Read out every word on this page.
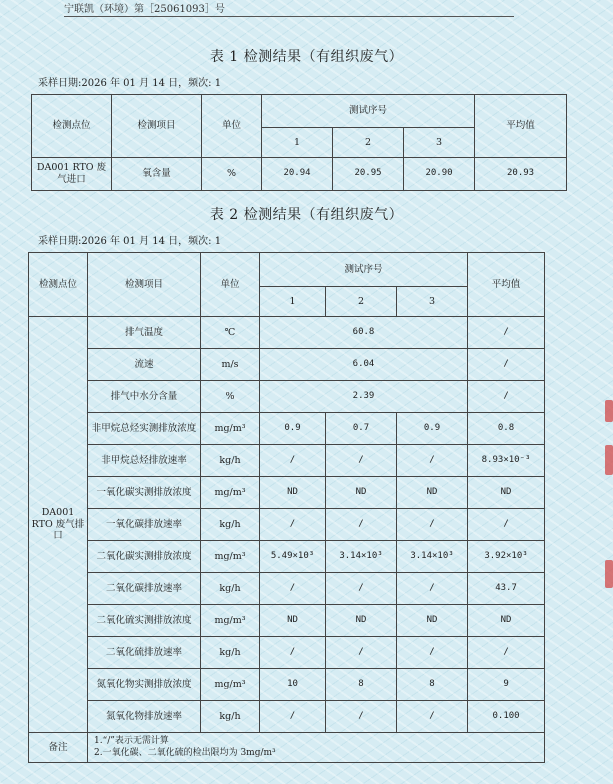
宁联凯（环境）第［25061093］号
表 1 检测结果（有组织废气）
采样日期:2026 年 01 月 14 日，频次: 1
检测点位	检测项目	单位	测试序号			平均值
			1	2	3	
DA001 RTO 废气进口	氧含量	%	20.94	20.95	20.90	20.93
表 2 检测结果（有组织废气）
采样日期:2026 年 01 月 14 日，频次: 1
检测点位	检测项目	单位	测试序号			平均值
			1	2	3	
DA001 RTO 废气排口	排气温度	℃	60.8			/
	流速	m/s	6.04			/
	排气中水分含量	%	2.39			/
	非甲烷总烃实测排放浓度	mg/m³	0.9	0.7	0.9	0.8
	非甲烷总烃排放速率	kg/h	/	/	/	8.93×10⁻³
	一氧化碳实测排放浓度	mg/m³	ND	ND	ND	ND
	一氧化碳排放速率	kg/h	/	/	/	/
	二氧化碳实测排放浓度	mg/m³	5.49×10³	3.14×10³	3.14×10³	3.92×10³
	二氧化碳排放速率	kg/h	/	/	/	43.7
	二氧化硫实测排放浓度	mg/m³	ND	ND	ND	ND
	二氧化硫排放速率	kg/h	/	/	/	/
	氮氧化物实测排放浓度	mg/m³	10	8	8	9
	氮氧化物排放速率	kg/h	/	/	/	0.100
备注	1.“/”表示无需计算
2.一氧化碳、二氧化硫的检出限均为 3mg/m³					
